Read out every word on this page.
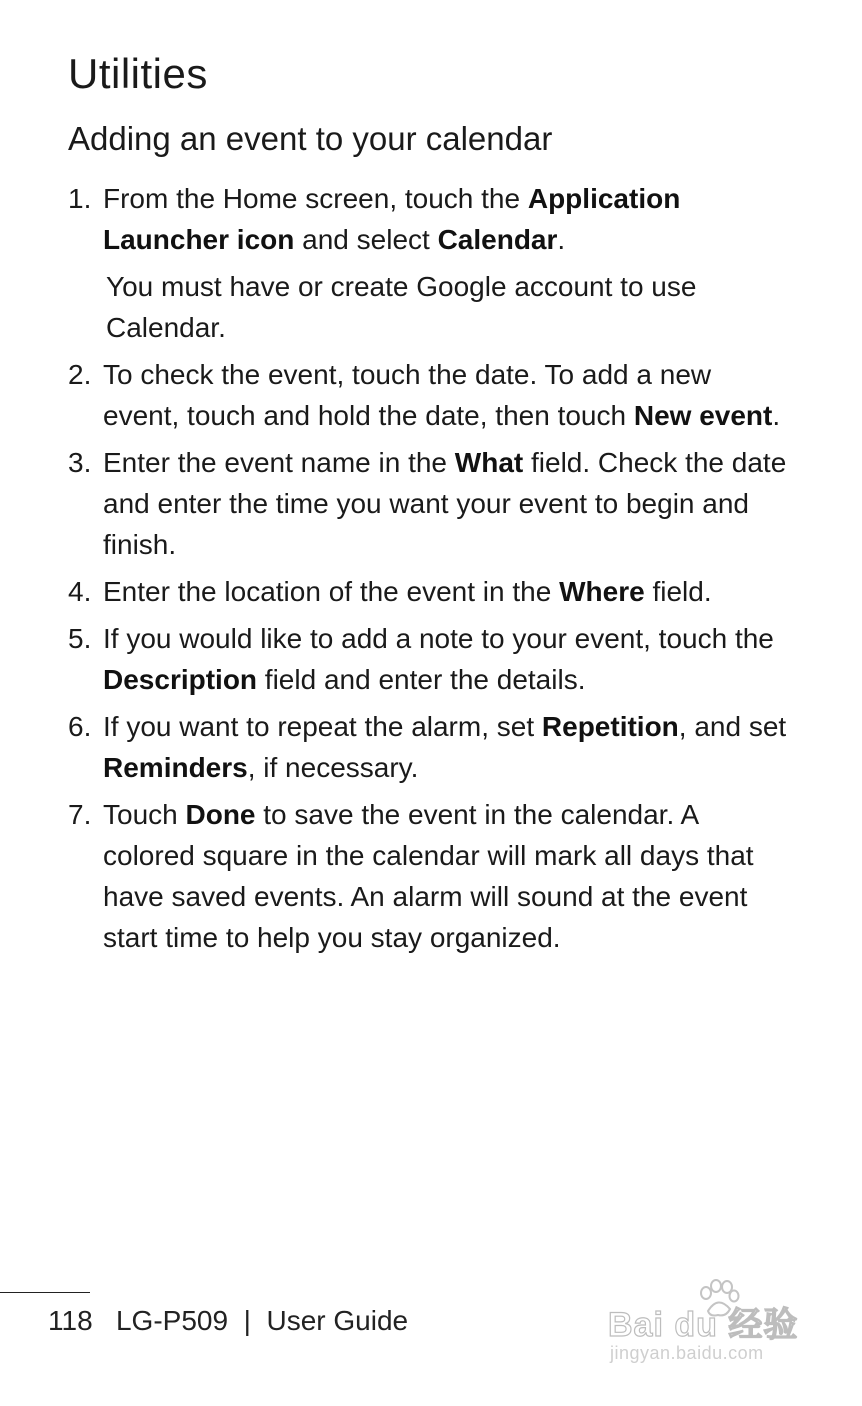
Utilities
Adding an event to your calendar
1. From the Home screen, touch the Application Launcher icon and select Calendar.
You must have or create Google account to use Calendar.
2. To check the event, touch the date. To add a new event, touch and hold the date, then touch New event.
3. Enter the event name in the What field. Check the date and enter the time you want your event to begin and finish.
4. Enter the location of the event in the Where field.
5. If you would like to add a note to your event, touch the Description field and enter the details.
6. If you want to repeat the alarm, set Repetition, and set Reminders, if necessary.
7. Touch Done to save the event in the calendar. A colored square in the calendar will mark all days that have saved events. An alarm will sound at the event start time to help you stay organized.
118 LG-P509 | User Guide	Bai du 经验
jingyan.baidu.com
